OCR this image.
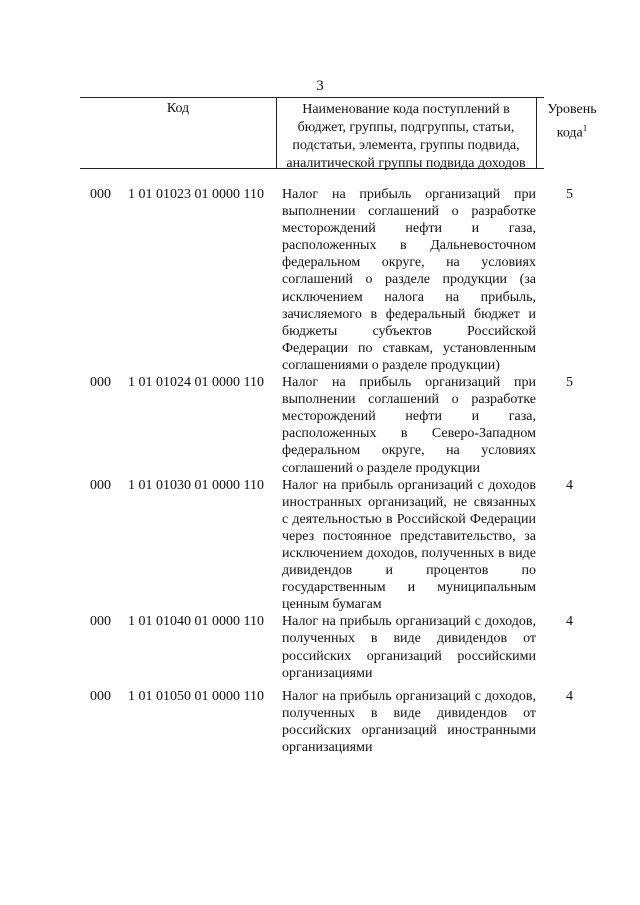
3
Код	Наименование кода поступлений в бюджет, группы, подгруппы, статьи, подстатьи, элемента, группы подвида, аналитической группы подвида доходов
Уровень кода$^1$
000 1 01 01023 01 0000 110 Налог на прибыль организаций при выполнении соглашений о разработке месторождений нефти и газа, расположенных в Дальневосточном федеральном округе, на условиях соглашений о разделе продукции (за исключением налога на прибыль, зачисляемого в федеральный бюджет и бюджеты субъектов Российской Федерации по ставкам, установленным соглашениями о разделе продукции)
5
000 1 01 01024 01 0000 110 Налог на прибыль организаций при выполнении соглашений о разработке месторождений нефти и газа, расположенных в Северо-Западном федеральном округе, на условиях соглашений о разделе продукции
5
000 1 01 01030 01 0000 110 Налог на прибыль организаций с доходов иностранных организаций, не связанных с деятельностью в Российской Федерации через постоянное представительство, за исключением доходов, полученных в виде дивидендов и процентов по государственным и муниципальным ценным бумагам
4
000 1 01 01040 01 0000 110 Налог на прибыль организаций с доходов, полученных в виде дивидендов от российских организаций российскими организациями
4
000 1 01 01050 01 0000 110 Налог на прибыль организаций с доходов, полученных в виде дивидендов от российских организаций иностранными организациями
4
